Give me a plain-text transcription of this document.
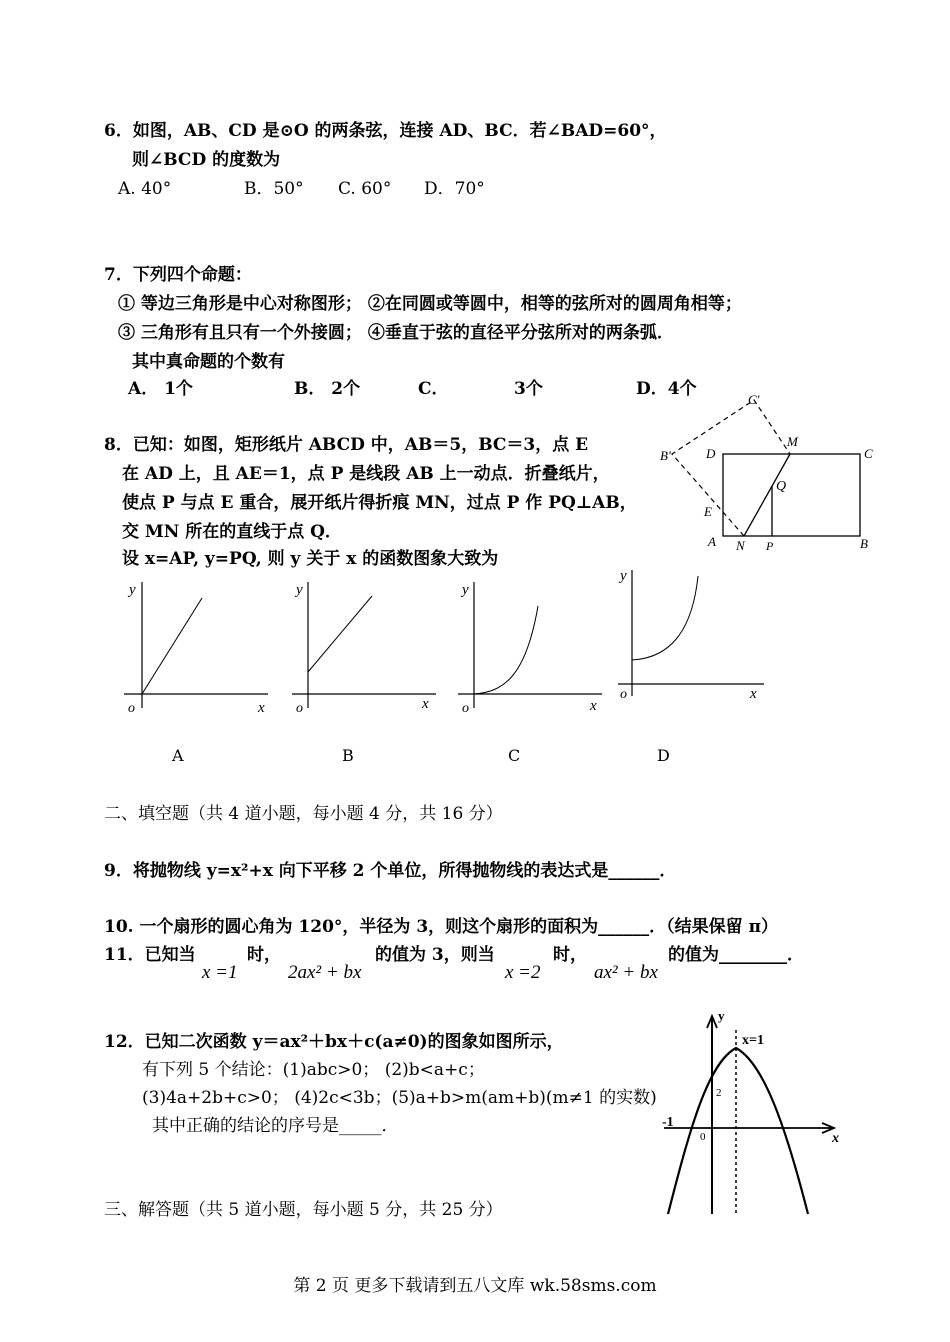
6．如图，AB、CD 是⊙O 的两条弦，连接 AD、BC．若∠BAD=60°，
则∠BCD 的度数为
A. 40°	B．50° C. 60° D．70°
7．下列四个命题：
① 等边三角形是中心对称图形； ②在同圆或等圆中，相等的弦所对的圆周角相等；
③ 三角形有且只有一个外接圆； ④垂直于弦的直径平分弦所对的两条弧．
其中真命题的个数有
A． 1个	B． 2个	C．	3个	D．4个
8．已知：如图，矩形纸片 ABCD 中，AB＝5，BC＝3，点 E
在 AD 上，且 AE＝1，点 P 是线段 AB 上一动点．折叠纸片，
使点 P 与点 E 重合，展开纸片得折痕 MN，过点 P 作 PQ⊥AB，
交 MN 所在的直线于点 Q．
设 x=AP, y=PQ, 则 y 关于 x 的函数图象大致为
C'
M
C
B'	D
Q
E
A N P	B
y
x
o
y
x
o
y
x
o
y
x
o
A	B	C	D
二、填空题（共 4 道小题，每小题 4 分，共 16 分）
9．将抛物线 y=x²+x 向下平移 2 个单位，所得抛物线的表达式是______．
10. 一个扇形的圆心角为 120°，半径为 3，则这个扇形的面积为______．（结果保留 π）
11．已知当
x =1
时，
2ax² + bx
的值为 3，则当
x =2
时，
ax² + bx
的值为________．
12．已知二次函数 y＝ax²＋bx＋c(a≠0)的图象如图所示，
有下列 5 个结论：(1)abc>0； (2)b<a+c；
(3)4a+2b+c>0； (4)2c<3b；(5)a+b>m(am+b)(m≠1 的实数)
其中正确的结论的序号是_____．
x=1
y
x
-1
2
0
三、解答题（共 5 道小题，每小题 5 分，共 25 分）
第 2 页 更多下载请到五八文库 wk.58sms.com
